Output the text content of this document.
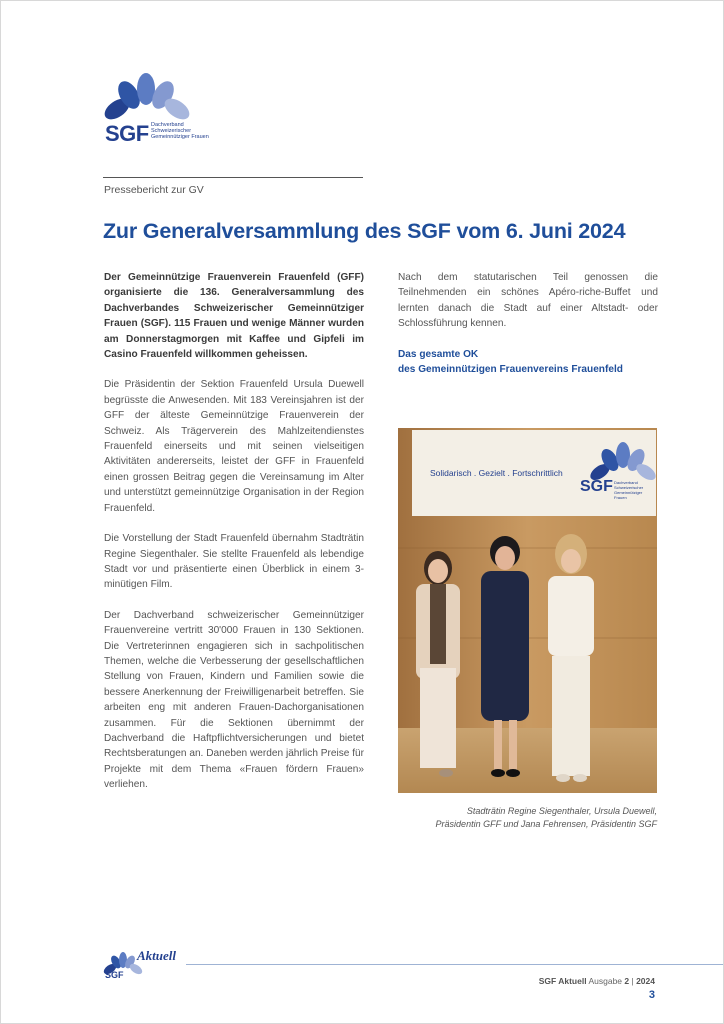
SGF Dachverband Schweizerischer Gemeinnütziger Frauen
Pressebericht zur GV
Zur Generalversammlung des SGF vom 6. Juni 2024

Der Gemeinnützige Frauenverein Frauenfeld (GFF) organisierte die 136. Generalversammlung des Dachverbandes Schweizerischer Gemeinnütziger Frauen (SGF). 115 Frauen und wenige Männer wurden am Donnerstagmorgen mit Kaffee und Gipfeli im Casino Frauenfeld willkommen geheissen.

Die Präsidentin der Sektion Frauenfeld Ursula Duewell begrüsste die Anwesenden. Mit 183 Vereinsjahren ist der GFF der älteste Gemeinnützige Frauenverein der Schweiz. Als Trägerverein des Mahlzeitendienstes Frauenfeld einerseits und mit seinen vielseitigen Aktivitäten andererseits, leistet der GFF in Frauenfeld einen grossen Beitrag gegen die Vereinsamung im Alter und unterstützt gemeinnützige Organisation in der Region Frauenfeld.

Die Vorstellung der Stadt Frauenfeld übernahm Stadträtin Regine Siegenthaler. Sie stellte Frauenfeld als lebendige Stadt vor und präsentierte einen Überblick in einem 3-minütigen Film.

Der Dachverband schweizerischer Gemeinnütziger Frauenvereine vertritt 30'000 Frauen in 130 Sektionen. Die Vertreterinnen engagieren sich in sachpolitischen Themen, welche die Verbesserung der gesellschaftlichen Stellung von Frauen, Kindern und Familien sowie die bessere Anerkennung der Freiwilligenarbeit betreffen. Sie arbeiten eng mit anderen Frauen-Dachorganisationen zusammen. Für die Sektionen übernimmt der Dachverband die Haftpflichtversicherungen und bietet Rechtsberatungen an. Daneben werden jährlich Preise für Projekte mit dem Thema «Frauen fördern Frauen» verliehen.

Nach dem statutarischen Teil genossen die Teilnehmenden ein schönes Apéro-riche-Buffet und lernten danach die Stadt auf einer Altstadt- oder Schlossführung kennen.

Das gesamte OK
des Gemeinnützigen Frauenvereins Frauenfeld

Solidarisch . Gezielt . Fortschrittlich
SGF Dachverband Schweizerischer Gemeinnütziger Frauen
Stadträtin Regine Siegenthaler, Ursula Duewell,
Präsidentin GFF und Jana Fehrensen, Präsidentin SGF
Aktuell
SGF
SGF Aktuell Ausgabe 2 | 2024
3
